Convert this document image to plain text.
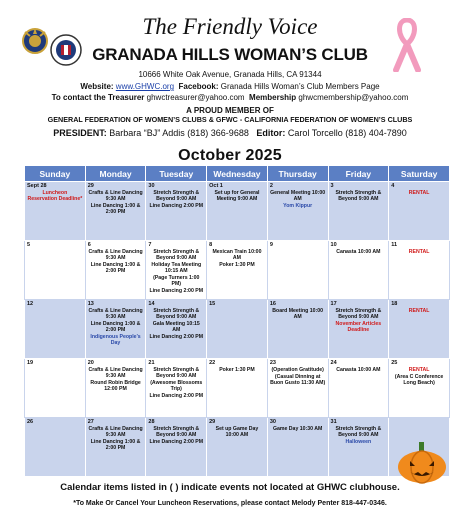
The Friendly Voice
GRANADA HILLS WOMAN’S CLUB
10666 White Oak Avenue, Granada Hills, CA 91344
Website: www.GHWC.org Facebook: Granada Hills Woman’s Club Members Page
To contact the Treasurer ghwctreasurer@yahoo.com Membership ghwcmembership@yahoo.com
A PROUD MEMBER OF
GENERAL FEDERATION OF WOMEN’S CLUBS & GFWC - CALIFORNIA FEDERATION OF WOMEN’S CLUBS
PRESIDENT: Barbara “BJ” Addis (818) 366-9688 Editor: Carol Torcello (818) 404-7890
October 2025
Sunday	Monday	Tuesday	Wednesday	Thursday	Friday	Saturday

Sept 28
Luncheon Reservation Deadline*	29
Crafts & Line Dancing 9:30 AM
Line Dancing 1:00 & 2:00 PM	30
Stretch Strength & Beyond 9:00 AM
Line Dancing 2:00 PM	Oct 1
Set up for General Meeting 9:00 AM	2
General Meeting 10:00 AM
Yom Kippur	3
Stretch Strength & Beyond 9:00 AM	4
RENTAL

5	6
Crafts & Line Dancing 9:30 AM
Line Dancing 1:00 & 2:00 PM	7
Stretch Strength & Beyond 9:00 AM
Holiday Tea Meeting 10:15 AM
(Page Turners 1:00 PM)
Line Dancing 2:00 PM	8
Mexican Train 10:00 AM
Poker 1:30 PM	9	10
Canasta 10:00 AM	11
RENTAL

12	13
Crafts & Line Dancing 9:30 AM
Line Dancing 1:00 & 2:00 PM
Indigenous People’s Day	14
Stretch Strength & Beyond 9:00 AM
Gala Meeting 10:15 AM
Line Dancing 2:00 PM	15	16
Board Meeting 10:00 AM	17
Stretch Strength & Beyond 9:00 AM
November Articles Deadline	18
RENTAL

19	20
Crafts & Line Dancing 9:30 AM
Round Robin Bridge 12:00 PM	21
Stretch Strength & Beyond 9:00 AM
(Awesome Blossoms Trip)
Line Dancing 2:00 PM	22
Poker 1:30 PM	23
(Operation Gratitude)
(Casual Dinning at Buon Gusto 11:30 AM)	24
Canasta 10:00 AM	25
RENTAL
(Area C Conference Long Beach)

26	27
Crafts & Line Dancing 9:30 AM
Line Dancing 1:00 & 2:00 PM	28
Stretch Strength & Beyond 9:00 AM
Line Dancing 2:00 PM	29
Set up Game Day 10:00 AM	30
Game Day 10:30 AM	31
Stretch Strength & Beyond 9:00 AM
Halloween	

Calendar items listed in ( ) indicate events not located at GHWC clubhouse.
*To Make Or Cancel Your Luncheon Reservations, please contact Melody Penter 818-447-0346.
